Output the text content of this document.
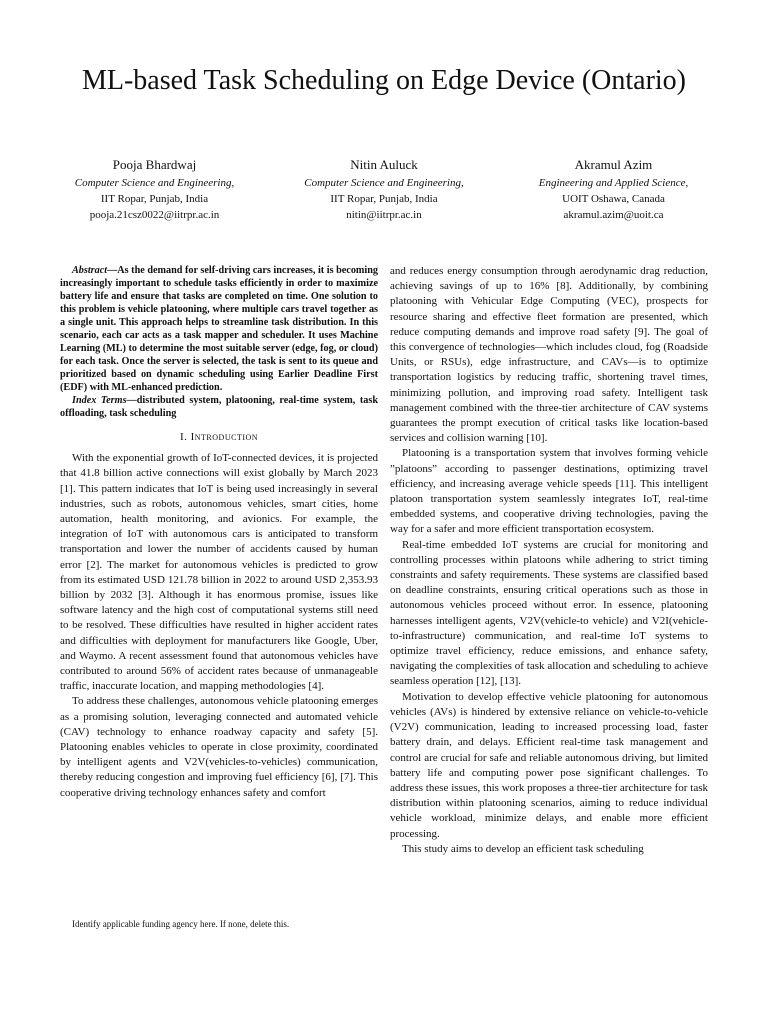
ML-based Task Scheduling on Edge Device (Ontario)
Pooja Bhardwaj
Computer Science and Engineering,
IIT Ropar, Punjab, India
pooja.21csz0022@iitrpr.ac.in
Nitin Auluck
Computer Science and Engineering,
IIT Ropar, Punjab, India
nitin@iitrpr.ac.in
Akramul Azim
Engineering and Applied Science,
UOIT Oshawa, Canada
akramul.azim@uoit.ca

Abstract—As the demand for self-driving cars increases, it is becoming increasingly important to schedule tasks efficiently in order to maximize battery life and ensure that tasks are completed on time. One solution to this problem is vehicle platooning, where multiple cars travel together as a single unit. This approach helps to streamline task distribution. In this scenario, each car acts as a task mapper and scheduler. It uses Machine Learning (ML) to determine the most suitable server (edge, fog, or cloud) for each task. Once the server is selected, the task is sent to its queue and prioritized based on dynamic scheduling using Earlier Deadline First (EDF) with ML-enhanced prediction.

Index Terms—distributed system, platooning, real-time system, task offloading, task scheduling

I. Introduction

With the exponential growth of IoT-connected devices, it is projected that 41.8 billion active connections will exist globally by March 2023 [1]. This pattern indicates that IoT is being used increasingly in several industries, such as robots, autonomous vehicles, smart cities, home automation, health monitoring, and avionics. For example, the integration of IoT with autonomous cars is anticipated to transform transportation and lower the number of accidents caused by human error [2]. The market for autonomous vehicles is predicted to grow from its estimated USD 121.78 billion in 2022 to around USD 2,353.93 billion by 2032 [3]. Although it has enormous promise, issues like software latency and the high cost of computational systems still need to be resolved. These difficulties have resulted in higher accident rates and difficulties with deployment for manufacturers like Google, Uber, and Waymo. A recent assessment found that autonomous vehicles have contributed to around 56% of accident rates because of unmanageable traffic, inaccurate location, and mapping methodologies [4].

To address these challenges, autonomous vehicle platooning emerges as a promising solution, leveraging connected and automated vehicle (CAV) technology to enhance roadway capacity and safety [5]. Platooning enables vehicles to operate in close proximity, coordinated by intelligent agents and V2V(vehicles-to-vehicles) communication, thereby reducing congestion and improving fuel efficiency [6], [7]. This cooperative driving technology enhances safety and comfort

Identify applicable funding agency here. If none, delete this.

and reduces energy consumption through aerodynamic drag reduction, achieving savings of up to 16% [8]. Additionally, by combining platooning with Vehicular Edge Computing (VEC), prospects for resource sharing and effective fleet formation are presented, which reduce computing demands and improve road safety [9]. The goal of this convergence of technologies—which includes cloud, fog (Roadside Units, or RSUs), edge infrastructure, and CAVs—is to optimize transportation logistics by reducing traffic, shortening travel times, minimizing pollution, and improving road safety. Intelligent task management combined with the three-tier architecture of CAV systems guarantees the prompt execution of critical tasks like location-based services and collision warning [10].

Platooning is a transportation system that involves forming vehicle ”platoons” according to passenger destinations, optimizing travel efficiency, and increasing average vehicle speeds [11]. This intelligent platoon transportation system seamlessly integrates IoT, real-time embedded systems, and cooperative driving technologies, paving the way for a safer and more efficient transportation ecosystem.

Real-time embedded IoT systems are crucial for monitoring and controlling processes within platoons while adhering to strict timing constraints and safety requirements. These systems are classified based on deadline constraints, ensuring critical operations such as those in autonomous vehicles proceed without error. In essence, platooning harnesses intelligent agents, V2V(vehicle-to vehicle) and V2I(vehicle-to-infrastructure) communication, and real-time IoT systems to optimize travel efficiency, reduce emissions, and enhance safety, navigating the complexities of task allocation and scheduling to achieve seamless operation [12], [13].

Motivation to develop effective vehicle platooning for autonomous vehicles (AVs) is hindered by extensive reliance on vehicle-to-vehicle (V2V) communication, leading to increased processing load, faster battery drain, and delays. Efficient real-time task management and control are crucial for safe and reliable autonomous driving, but limited battery life and computing power pose significant challenges. To address these issues, this work proposes a three-tier architecture for task distribution within platooning scenarios, aiming to reduce individual vehicle workload, minimize delays, and enable more efficient processing.

This study aims to develop an efficient task scheduling
